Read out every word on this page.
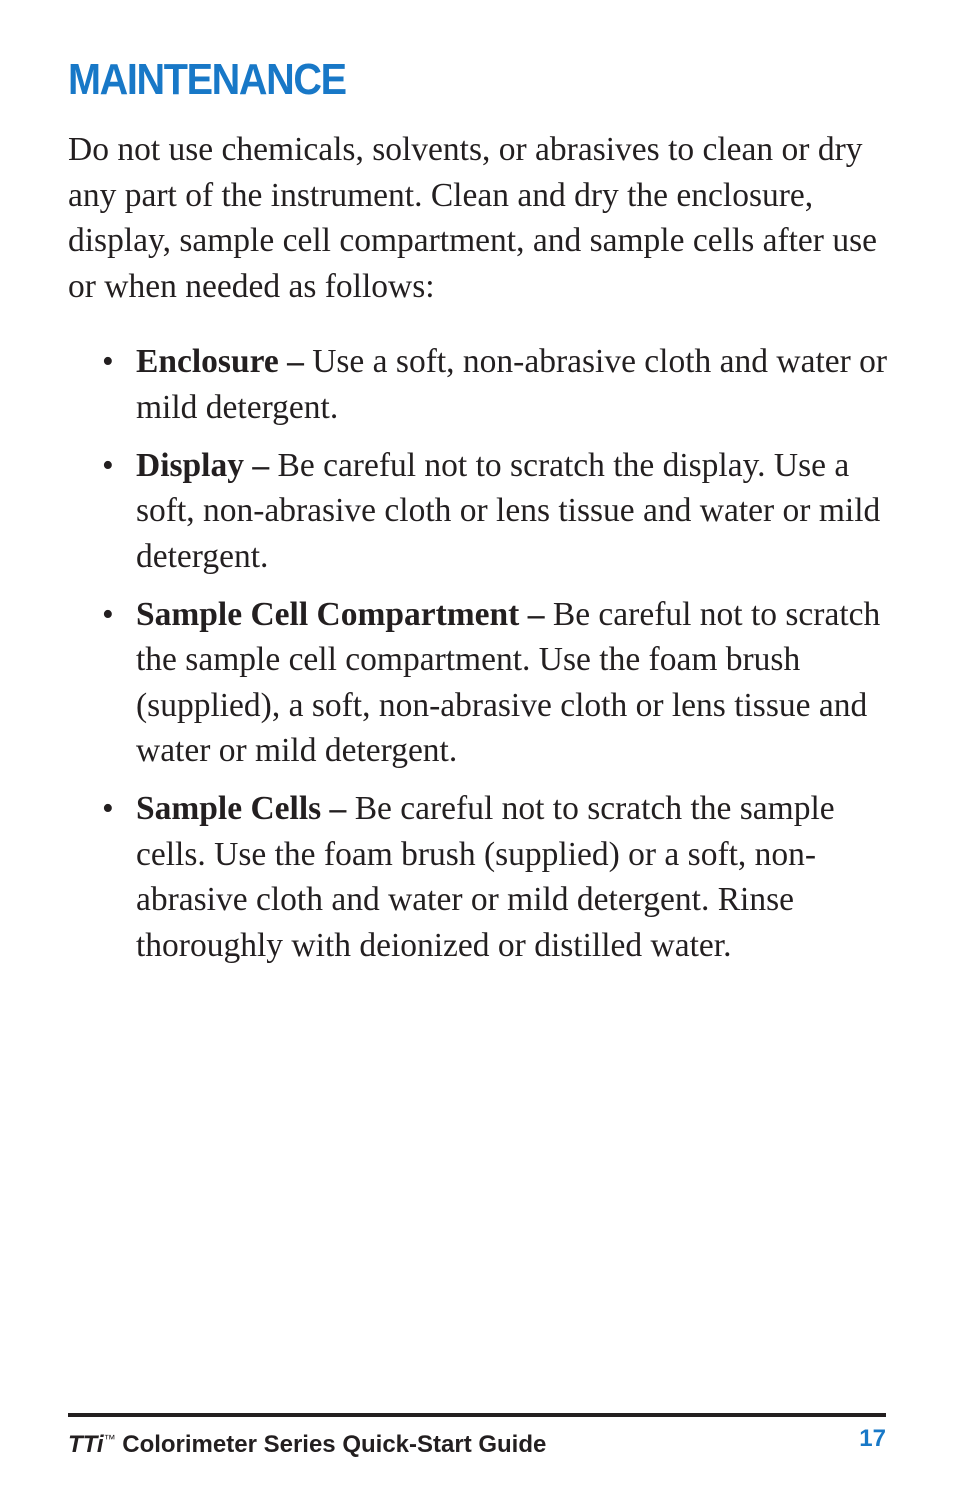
MAINTENANCE

Do not use chemicals, solvents, or abrasives to clean or dry any part of the instrument. Clean and dry the enclosure, display, sample cell compartment, and sample cells after use or when needed as follows:

• Enclosure – Use a soft, non-abrasive cloth and water or mild detergent.
• Display – Be careful not to scratch the display. Use a soft, non-abrasive cloth or lens tissue and water or mild detergent.
• Sample Cell Compartment – Be careful not to scratch the sample cell compartment. Use the foam brush (supplied), a soft, non-abrasive cloth or lens tissue and water or mild detergent.
• Sample Cells – Be careful not to scratch the sample cells. Use the foam brush (supplied) or a soft, non-abrasive cloth and water or mild detergent. Rinse thoroughly with deionized or distilled water.
TTi™ Colorimeter Series Quick-Start Guide	17
